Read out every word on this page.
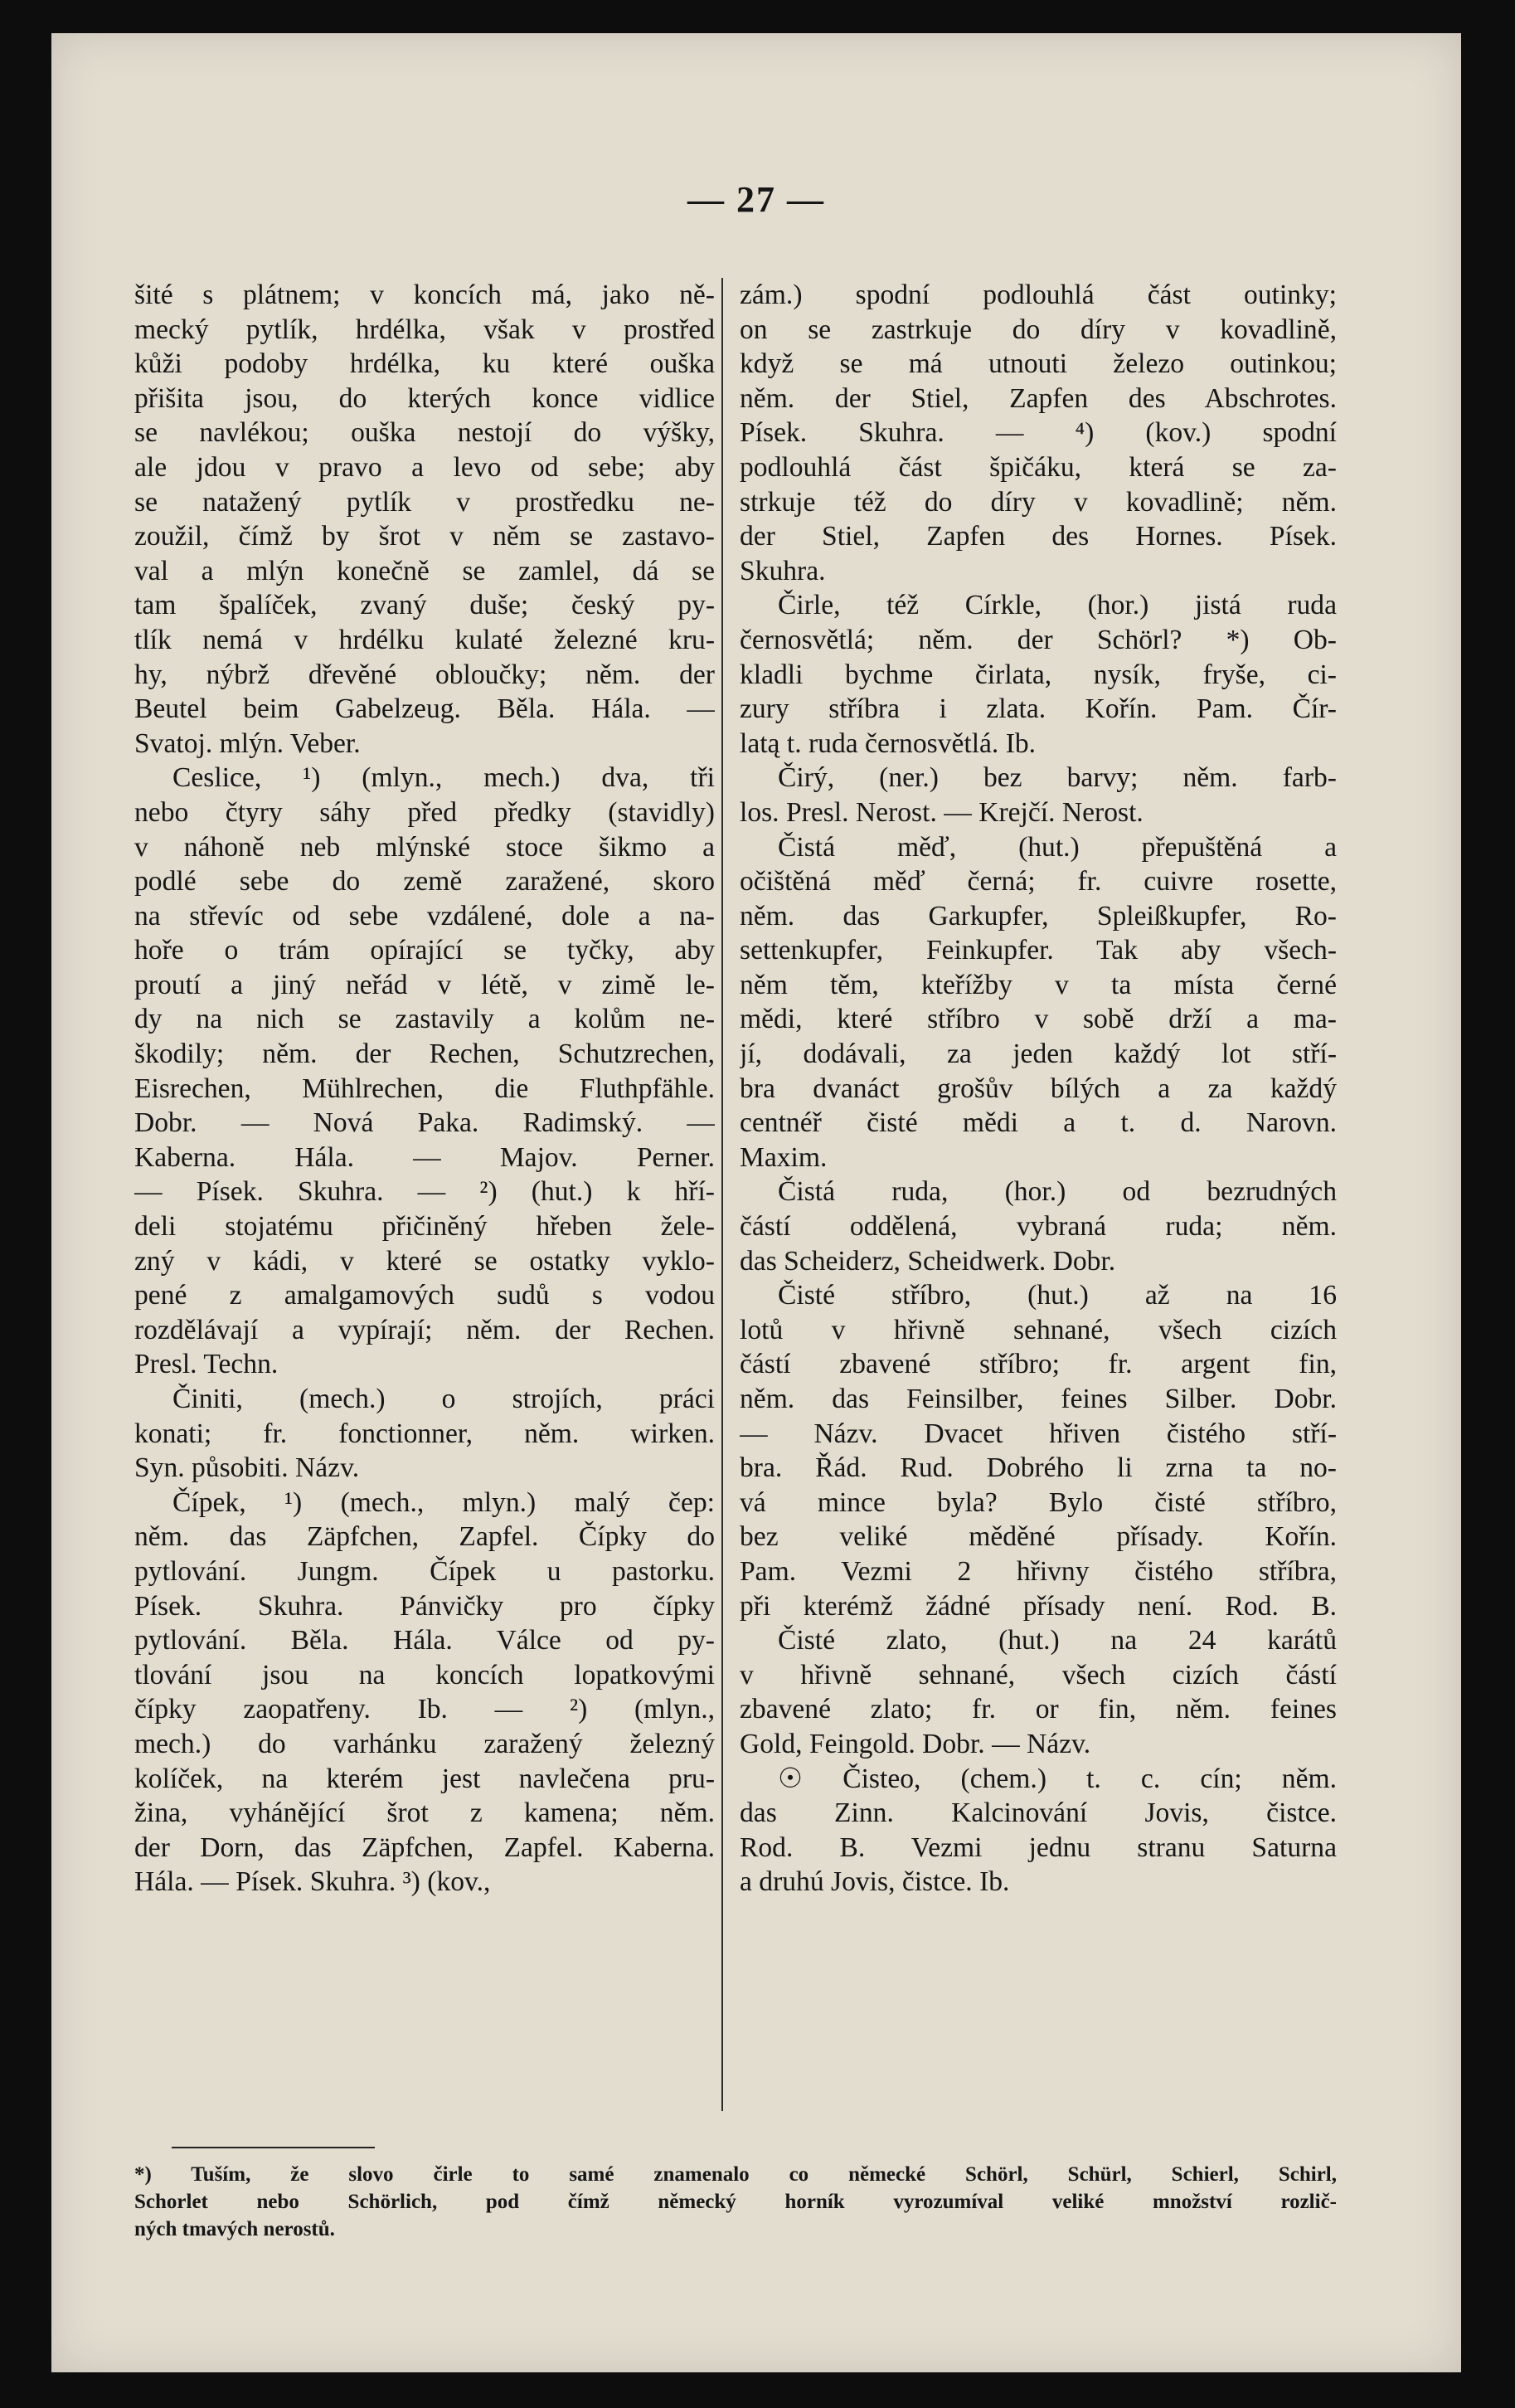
— 27 —
šité s plátnem; v koncích má, jako ně-
mecký pytlík, hrdélka, však v prostřed
kůži podoby hrdélka, ku které ouška
přišita jsou, do kterých konce vidlice
se navlékou; ouška nestojí do výšky,
ale jdou v pravo a levo od sebe; aby
se natažený pytlík v prostředku ne-
zoužil, čímž by šrot v něm se zastavo-
val a mlýn konečně se zamlel, dá se
tam špalíček, zvaný duše; český py-
tlík nemá v hrdélku kulaté železné kru-
hy, nýbrž dřevěné oblоučky; něm. der
Beutel beim Gabelzeug. Běla. Hála. —
Svatoj. mlýn. Veber.
Ceslice, ¹) (mlyn., mech.) dva, tři
nebo čtyry sáhy před předky (stavidly)
v náhoně neb mlýnské stoce šikmo a
podlé sebe do země zaražené, skoro
na střevíc od sebe vzdálené, dole a na-
hoře o trám opírající se tyčky, aby
proutí a jiný neřád v létě, v zimě le-
dy na nich se zastavily a kolům ne-
škodily; něm. der Rechen, Schutzrechen,
Eisrechen, Mühlrechen, die Fluthpfähle.
Dobr. — Nová Paka. Radimský. —
Kaberna. Hála. — Majov. Perner.
— Písek. Skuhra. — ²) (hut.) k hří-
deli stojatému přičiněný hřeben žele-
zný v kádi, v které se ostatky vyklo-
pené z amalgamových sudů s vodou
rozdělávají a vypírají; něm. der Rechen.
Presl. Techn.
Činiti, (mech.) o strojích, práci
konati; fr. fonctionner, něm. wirken.
Syn. působiti. Názv.
Čípek, ¹) (mech., mlyn.) malý čep:
něm. das Zäpfchen, Zapfel. Čípky do
pytlování. Jungm. Čípek u pastorku.
Písek. Skuhra. Pánvičky pro čípky
pytlování. Běla. Hála. Válce od py-
tlování jsou na koncích lopatkovými
čípky zaopatřeny. Ib. — ²) (mlyn.,
mech.) do varhánku zaražený železný
kolíček, na kterém jest navlečena pru-
žina, vyhánějící šrot z kamena; něm.
der Dorn, das Zäpfchen, Zapfel. Kaberna.
Hála. — Písek. Skuhra. ³) (kov.,
zám.) spodní podlouhlá část outinky;
on se zastrkuje do díry v kovadlině,
když se má utnouti železo outinkou;
něm. der Stiel, Zapfen des Abschrotes.
Písek. Skuhra. — ⁴) (kov.) spodní
podlouhlá část špičáku, která se za-
strkuje též do díry v kovadlině; něm.
der Stiel, Zapfen des Hornes. Písek.
Skuhra.
Čirle, též Církle, (hor.) jistá ruda
černosvětlá; něm. der Schörl? *) Ob-
kladli bychme čirlata, nysík, fryše, ci-
zury stříbra i zlata. Kořín. Pam. Čír-
latą t. ruda černosvětlá. Ib.
Čirý, (ner.) bez barvy; něm. farb-
los. Presl. Nerost. — Krejčí. Nerost.
Čistá měď, (hut.) přepuštěná a
očištěná měď černá; fr. cuivre rosette,
něm. das Garkupfer, Spleißkupfer, Ro-
settenkupfer, Feinkupfer. Tak aby všech-
něm těm, kteřížby v ta místa černé
mědi, které stříbro v sobě drží a ma-
jí, dodávali, za jeden každý lot stří-
bra dvanáct grošův bílých a za každý
centnéř čisté mědi a t. d. Narovn.
Maxim.
Čistá ruda, (hor.) od bezrudných
částí oddělená, vybraná ruda; něm.
das Scheiderz, Scheidwerk. Dobr.
Čisté stříbro, (hut.) až na 16
lotů v hřivně sehnané, všech cizích
částí zbavené stříbro; fr. argent fin,
něm. das Feinsilber, feines Silber. Dobr.
— Názv. Dvacet hřiven čistého stří-
bra. Řád. Rud. Dobrého li zrna ta no-
vá mince byla? Bylo čisté stříbro,
bez veliké měděné přísady. Kořín.
Pam. Vezmi 2 hřivny čistého stříbra,
při kterémž žádné přísady není. Rod. B.
Čisté zlato, (hut.) na 24 karátů
v hřivně sehnané, všech cizích částí
zbavené zlato; fr. or fin, něm. feines
Gold, Feingold. Dobr. — Názv.
☉ Čisteo, (chem.) t. c. cín; něm.
das Zinn. Kalcinování Jovis, čistce.
Rod. B. Vezmi jednu stranu Saturna
a druhú Jovis, čistce. Ib.
*) Tuším, že slovo čirle to samé znamenalo co německé Schörl, Schürl, Schierl, Schirl,
Schorlet nebo Schörlich, pod čímž německý horník vyrozumíval veliké množství rozlič-
ných tmavých nerostů.
